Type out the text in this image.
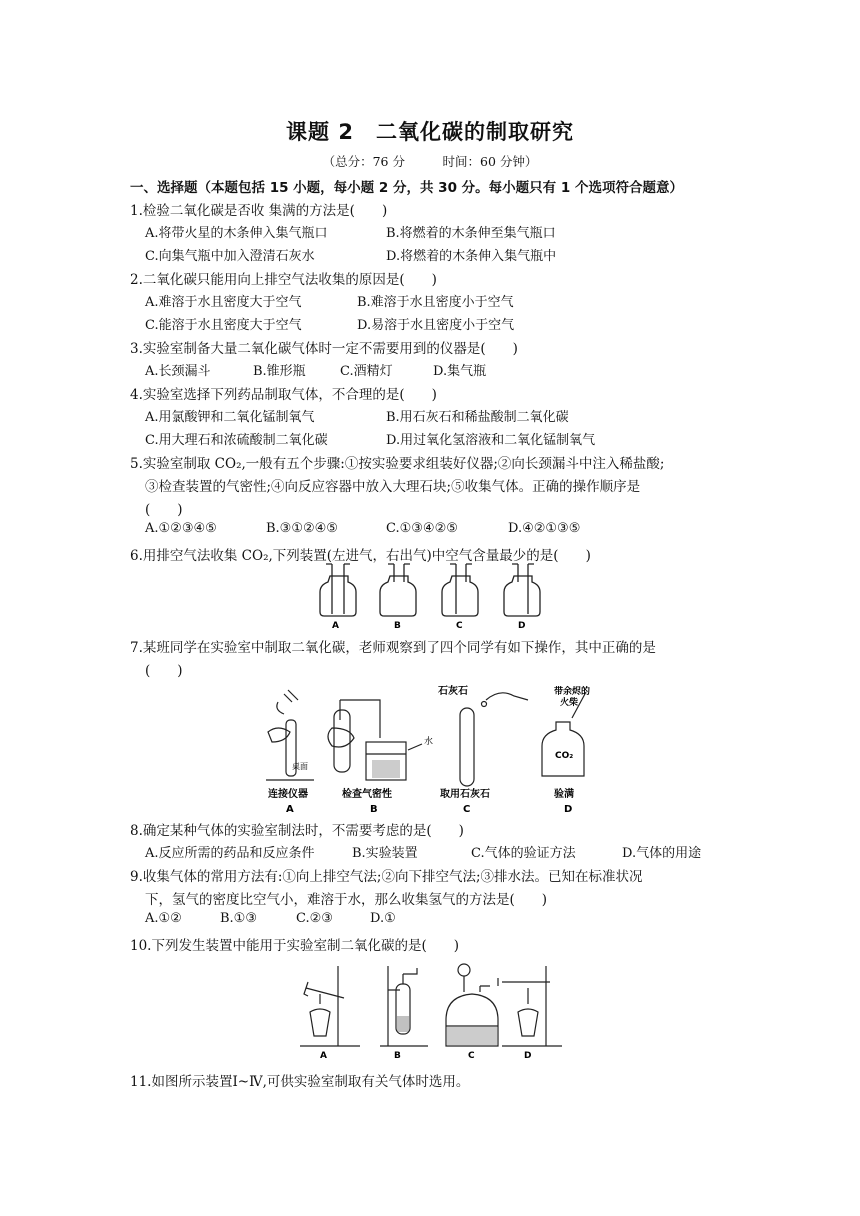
课题 2　二氧化碳的制取研究
（总分：76 分　　　时间：60 分钟）
一、选择题（本题包括 15 小题，每小题 2 分，共 30 分。每小题只有 1 个选项符合题意）
1.检验二氧化碳是否收 集满的方法是(　　)
A.将带火星的木条伸入集气瓶口	B.将燃着的木条伸至集气瓶口
C.向集气瓶中加入澄清石灰水	D.将燃着的木条伸入集气瓶中
2.二氧化碳只能用向上排空气法收集的原因是(　　)
A.难溶于水且密度大于空气	B.难溶于水且密度小于空气
C.能溶于水且密度大于空气	D.易溶于水且密度小于空气
3.实验室制备大量二氧化碳气体时一定不需要用到的仪器是(　　)
A.长颈漏斗	B.锥形瓶	C.酒精灯	D.集气瓶
4.实验室选择下列药品制取气体，不合理的是(　　)
A.用氯酸钾和二氧化锰制氧气	B.用石灰石和稀盐酸制二氧化碳
C.用大理石和浓硫酸制二氧化碳	D.用过氧化氢溶液和二氧化锰制氧气
5.实验室制取 CO₂,一般有五个步骤:①按实验要求组装好仪器;②向长颈漏斗中注入稀盐酸;
③检查装置的气密性;④向反应容器中放入大理石块;⑤收集气体。正确的操作顺序是
(　　)
A.①②③④⑤	B.③①②④⑤	C.①③④②⑤	D.④②①③⑤
6.用排空气法收集 CO₂,下列装置(左进气，右出气)中空气含量最少的是(　　)
A	B	C	D
7.某班同学在实验室中制取二氧化碳，老师观察到了四个同学有如下操作，其中正确的是
(　　)
桌面
水
石灰石	带余烬的
火柴
CO₂
连接仪器	检查气密性	取用石灰石	验满
A	B	C	D
8.确定某种气体的实验室制法时，不需要考虑的是(　　)
A.反应所需的药品和反应条件	B.实验装置	C.气体的验证方法	D.气体的用途
9.收集气体的常用方法有:①向上排空气法;②向下排空气法;③排水法。已知在标准状况
下，氢气的密度比空气小，难溶于水，那么收集氢气的方法是(　　)
A.①②	B.①③	C.②③	D.①
10.下列发生装置中能用于实验室制二氧化碳的是(　　)
A	B	C	D
11.如图所示装置Ⅰ~Ⅳ,可供实验室制取有关气体时选用。
